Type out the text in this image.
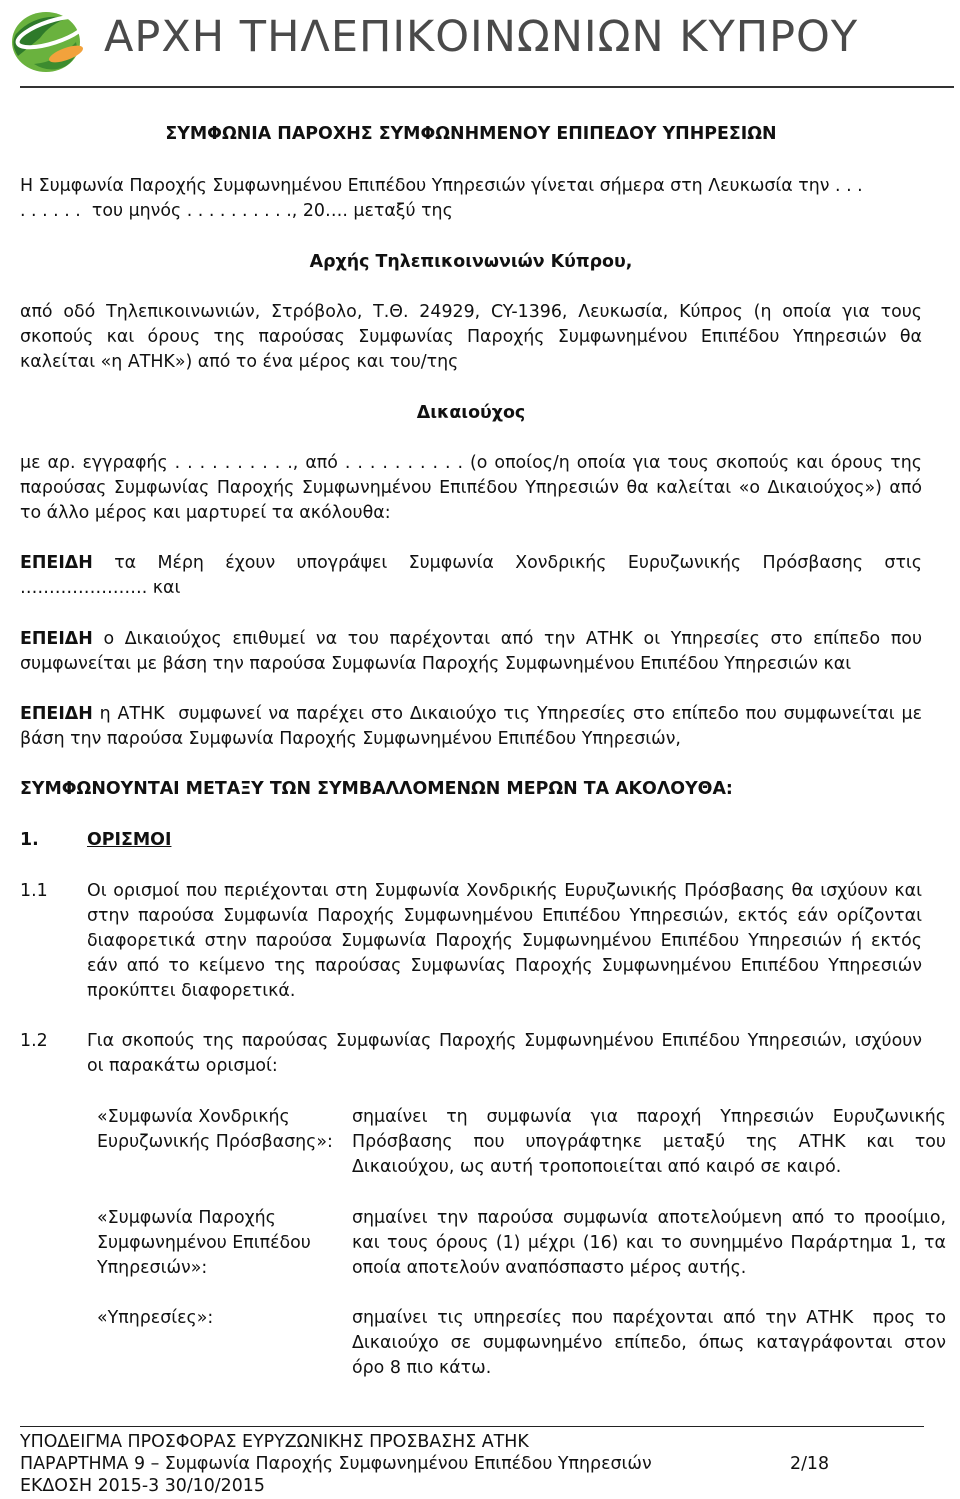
ΑΡΧΗ ΤΗΛΕΠΙΚΟΙΝΩΝΙΩΝ ΚΥΠΡΟΥ
ΣΥΜΦΩΝΙΑ ΠΑΡΟΧΗΣ ΣΥΜΦΩΝΗΜΕΝΟΥ ΕΠΙΠΕΔΟΥ ΥΠΗΡΕΣΙΩΝ
Η Συμφωνία Παροχής Συμφωνημένου Επιπέδου Υπηρεσιών γίνεται σήμερα στη Λευκωσία την . . .
. . . . . .  του μηνός . . . . . . . . . ., 20…. μεταξύ της
Αρχής Τηλεπικοινωνιών Κύπρου,
από οδό Τηλεπικοινωνιών, Στρόβολο, Τ.Θ. 24929, CY-1396, Λευκωσία, Κύπρος (η οποία για τους σκοπούς και όρους της παρούσας Συμφωνίας Παροχής Συμφωνημένου Επιπέδου Υπηρεσιών θα καλείται «η ΑΤΗΚ») από το ένα μέρος και του/της
Δικαιούχος
με αρ. εγγραφής . . . . . . . . . ., από . . . . . . . . . . (ο οποίος/η οποία για τους σκοπούς και όρους της παρούσας Συμφωνίας Παροχής Συμφωνημένου Επιπέδου Υπηρεσιών θα καλείται «ο Δικαιούχος») από το άλλο μέρος και μαρτυρεί τα ακόλουθα:
ΕΠΕΙΔΗ τα Μέρη έχουν υπογράψει Συμφωνία Χονδρικής Ευρυζωνικής Πρόσβασης στις
…………………. και
ΕΠΕΙΔΗ ο Δικαιούχος επιθυμεί να του παρέχονται από την ΑΤΗΚ οι Υπηρεσίες στο επίπεδο που συμφωνείται με βάση την παρούσα Συμφωνία Παροχής Συμφωνημένου Επιπέδου Υπηρεσιών και
ΕΠΕΙΔΗ η ΑΤΗΚ  συμφωνεί να παρέχει στο Δικαιούχο τις Υπηρεσίες στο επίπεδο που συμφωνείται με βάση την παρούσα Συμφωνία Παροχής Συμφωνημένου Επιπέδου Υπηρεσιών,
ΣΥΜΦΩΝΟΥΝΤΑΙ ΜΕΤΑΞΥ ΤΩΝ ΣΥΜΒΑΛΛΟΜΕΝΩΝ ΜΕΡΩΝ ΤΑ ΑΚΟΛΟΥΘΑ:
1.	ΟΡΙΣΜΟΙ
1.1 Οι ορισμοί που περιέχονται στη Συμφωνία Χονδρικής Ευρυζωνικής Πρόσβασης θα ισχύουν και στην παρούσα Συμφωνία Παροχής Συμφωνημένου Επιπέδου Υπηρεσιών, εκτός εάν ορίζονται διαφορετικά στην παρούσα Συμφωνία Παροχής Συμφωνημένου Επιπέδου Υπηρεσιών ή εκτός εάν από το κείμενο της παρούσας Συμφωνίας Παροχής Συμφωνημένου Επιπέδου Υπηρεσιών προκύπτει διαφορετικά.
1.2 Για σκοπούς της παρούσας Συμφωνίας Παροχής Συμφωνημένου Επιπέδου Υπηρεσιών, ισχύουν οι παρακάτω ορισμοί:
«Συμφωνία Χονδρικής Ευρυζωνικής Πρόσβασης»:
σημαίνει τη συμφωνία για παροχή Υπηρεσιών Ευρυζωνικής Πρόσβασης που υπογράφτηκε μεταξύ της ΑΤΗΚ και του Δικαιούχου, ως αυτή τροποποιείται από καιρό σε καιρό.
«Συμφωνία Παροχής Συμφωνημένου Επιπέδου Υπηρεσιών»:
σημαίνει την παρούσα συμφωνία αποτελούμενη από το προοίμιο, και τους όρους (1) μέχρι (16) και το συνημμένο Παράρτημα 1, τα οποία αποτελούν αναπόσπαστο μέρος αυτής.
«Υπηρεσίες»:	σημαίνει τις υπηρεσίες που παρέχονται από την ΑΤΗΚ  προς το Δικαιούχο σε συμφωνημένο επίπεδο, όπως καταγράφονται στον όρο 8 πιο κάτω.
ΥΠΟΔΕΙΓΜΑ ΠΡΟΣΦΟΡΑΣ ΕΥΡΥΖΩΝΙΚΗΣ ΠΡΟΣΒΑΣΗΣ ΑΤΗΚ
ΠΑΡΑΡΤΗΜΑ 9 – Συμφωνία Παροχής Συμφωνημένου Επιπέδου Υπηρεσιών	2/18
ΕΚΔΟΣΗ 2015-3 30/10/2015
